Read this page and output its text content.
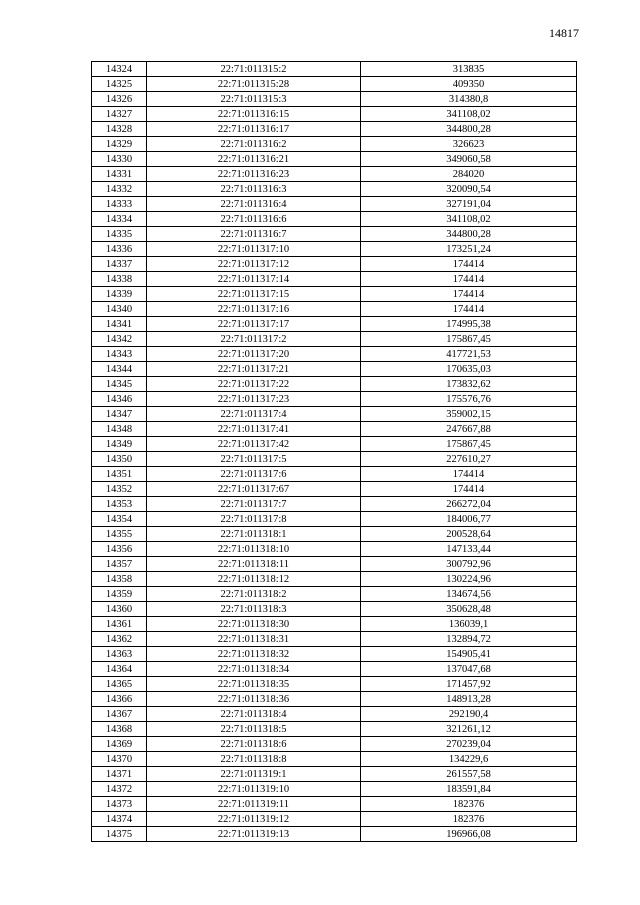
14817
14324	22:71:011315:2	313835
14325	22:71:011315:28	409350
14326	22:71:011315:3	314380,8
14327	22:71:011316:15	341108,02
14328	22:71:011316:17	344800,28
14329	22:71:011316:2	326623
14330	22:71:011316:21	349060,58
14331	22:71:011316:23	284020
14332	22:71:011316:3	320090,54
14333	22:71:011316:4	327191,04
14334	22:71:011316:6	341108,02
14335	22:71:011316:7	344800,28
14336	22:71:011317:10	173251,24
14337	22:71:011317:12	174414
14338	22:71:011317:14	174414
14339	22:71:011317:15	174414
14340	22:71:011317:16	174414
14341	22:71:011317:17	174995,38
14342	22:71:011317:2	175867,45
14343	22:71:011317:20	417721,53
14344	22:71:011317:21	170635,03
14345	22:71:011317:22	173832,62
14346	22:71:011317:23	175576,76
14347	22:71:011317:4	359002,15
14348	22:71:011317:41	247667,88
14349	22:71:011317:42	175867,45
14350	22:71:011317:5	227610,27
14351	22:71:011317:6	174414
14352	22:71:011317:67	174414
14353	22:71:011317:7	266272,04
14354	22:71:011317:8	184006,77
14355	22:71:011318:1	200528,64
14356	22:71:011318:10	147133,44
14357	22:71:011318:11	300792,96
14358	22:71:011318:12	130224,96
14359	22:71:011318:2	134674,56
14360	22:71:011318:3	350628,48
14361	22:71:011318:30	136039,1
14362	22:71:011318:31	132894,72
14363	22:71:011318:32	154905,41
14364	22:71:011318:34	137047,68
14365	22:71:011318:35	171457,92
14366	22:71:011318:36	148913,28
14367	22:71:011318:4	292190,4
14368	22:71:011318:5	321261,12
14369	22:71:011318:6	270239,04
14370	22:71:011318:8	134229,6
14371	22:71:011319:1	261557,58
14372	22:71:011319:10	183591,84
14373	22:71:011319:11	182376
14374	22:71:011319:12	182376
14375	22:71:011319:13	196966,08
